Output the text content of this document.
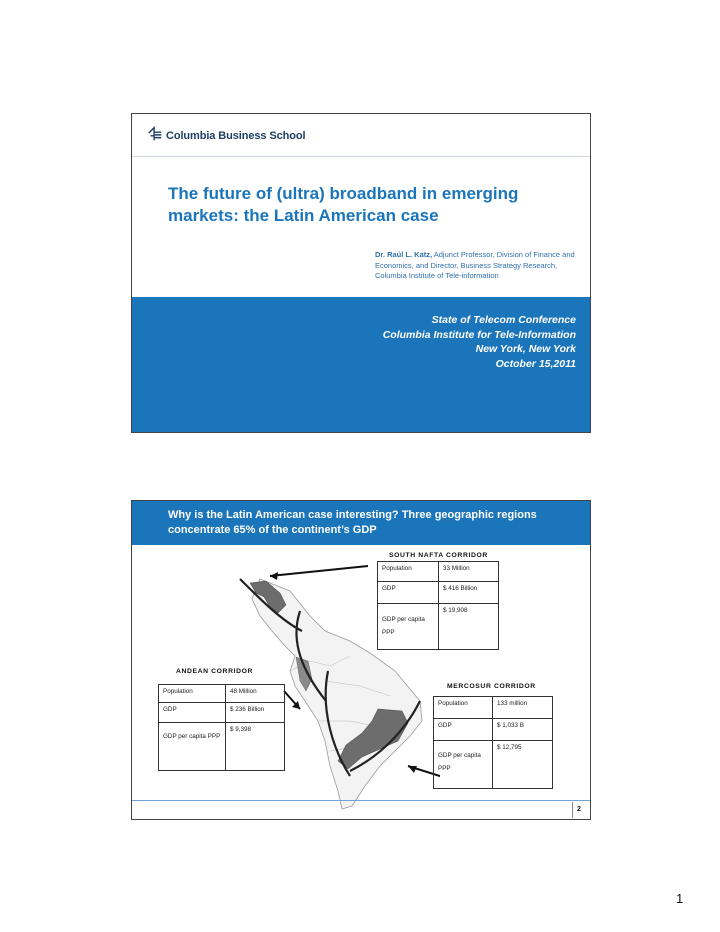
Columbia Business School
The future of (ultra) broadband in emerging markets: the Latin American case
Dr. Raúl L. Katz, Adjunct Professor, Division of Finance and Economics, and Director, Business Strategy Research, Columbia Institute of Tele-information
State of Telecom Conference
Columbia Institute for Tele-Information
New York, New York
October 15,2011
Why is the Latin American case interesting? Three geographic regions concentrate 65% of the continent’s GDP
SOUTH NAFTA CORRIDOR
Population	33 Million
GDP	$ 416 Billion
GDP per capita PPP	$ 19,908
ANDEAN CORRIDOR
Population	48 Million
GDP	$ 236 Billion
GDP per capita PPP	$ 9,398
MERCOSUR CORRIDOR
Population	133 million
GDP	$ 1,033 B
GDP per capita PPP	$ 12,795
2
1
